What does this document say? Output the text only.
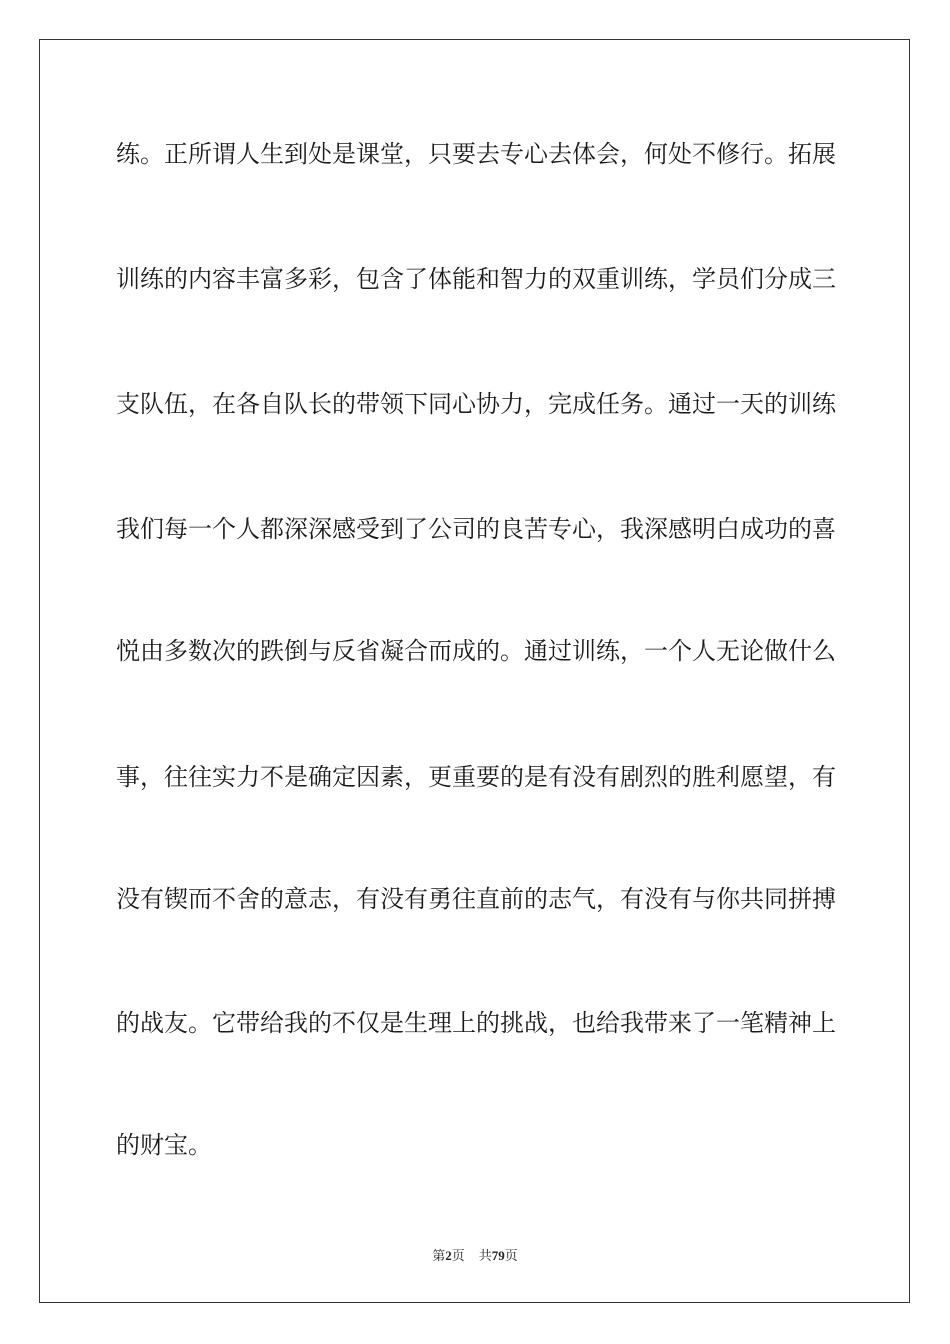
练。正所谓人生到处是课堂，只要去专心去体会，何处不修行。拓展
训练的内容丰富多彩，包含了体能和智力的双重训练，学员们分成三
支队伍，在各自队长的带领下同心协力，完成任务。通过一天的训练
我们每一个人都深深感受到了公司的良苦专心，我深感明白成功的喜
悦由多数次的跌倒与反省凝合而成的。通过训练，一个人无论做什么
事，往往实力不是确定因素，更重要的是有没有剧烈的胜利愿望，有
没有锲而不舍的意志，有没有勇往直前的志气，有没有与你共同拼搏
的战友。它带给我的不仅是生理上的挑战，也给我带来了一笔精神上
的财宝。
第2页 共79页
